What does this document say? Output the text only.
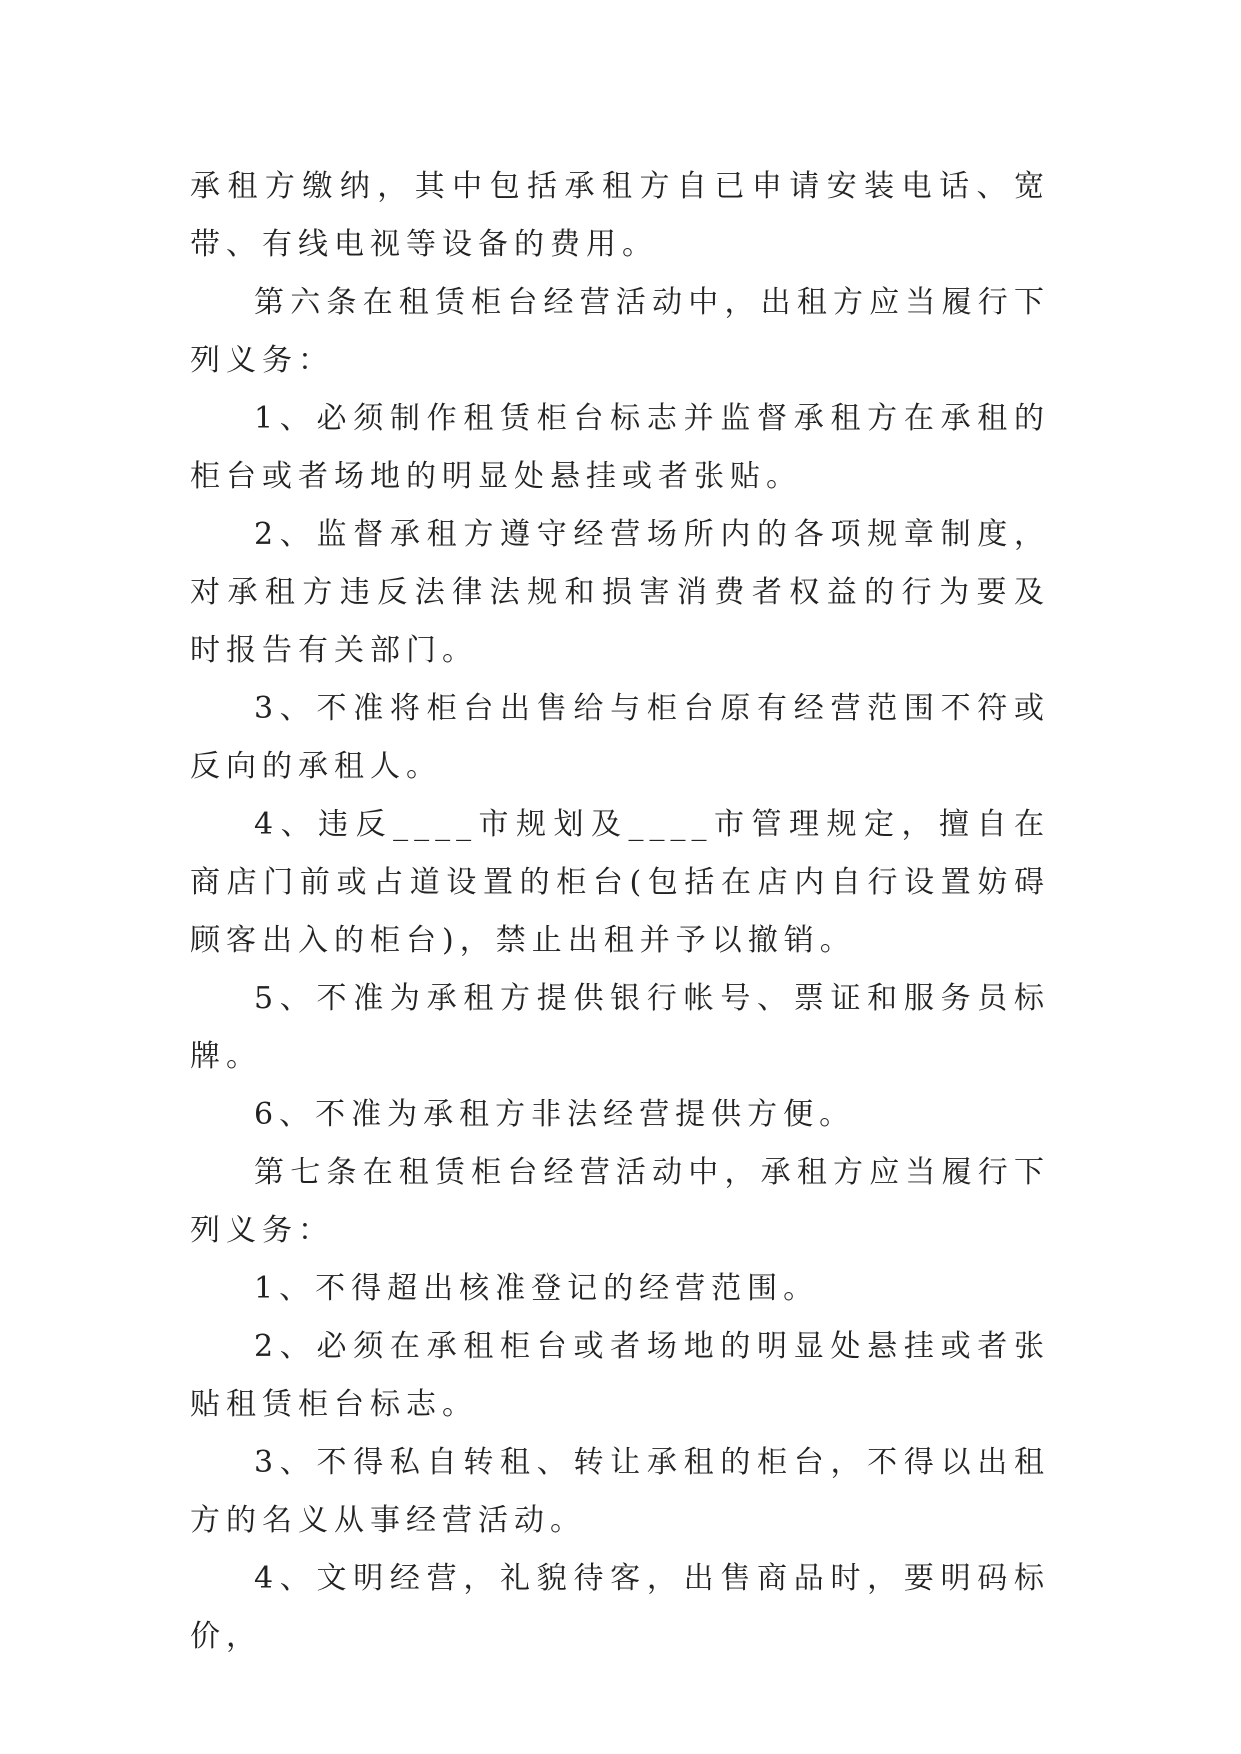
承租方缴纳，其中包括承租方自已申请安装电话、宽带、有线电视等设备的费用。

第六条在租赁柜台经营活动中，出租方应当履行下列义务：

1、必须制作租赁柜台标志并监督承租方在承租的柜台或者场地的明显处悬挂或者张贴。

2、监督承租方遵守经营场所内的各项规章制度，对承租方违反法律法规和损害消费者权益的行为要及时报告有关部门。

3、不准将柜台出售给与柜台原有经营范围不符或反向的承租人。

4、违反____市规划及____市管理规定，擅自在商店门前或占道设置的柜台(包括在店内自行设置妨碍顾客出入的柜台)，禁止出租并予以撤销。

5、不准为承租方提供银行帐号、票证和服务员标牌。

6、不准为承租方非法经营提供方便。

第七条在租赁柜台经营活动中，承租方应当履行下列义务：

1、不得超出核准登记的经营范围。

2、必须在承租柜台或者场地的明显处悬挂或者张贴租赁柜台标志。

3、不得私自转租、转让承租的柜台，不得以出租方的名义从事经营活动。

4、文明经营，礼貌待客，出售商品时，要明码标价，
